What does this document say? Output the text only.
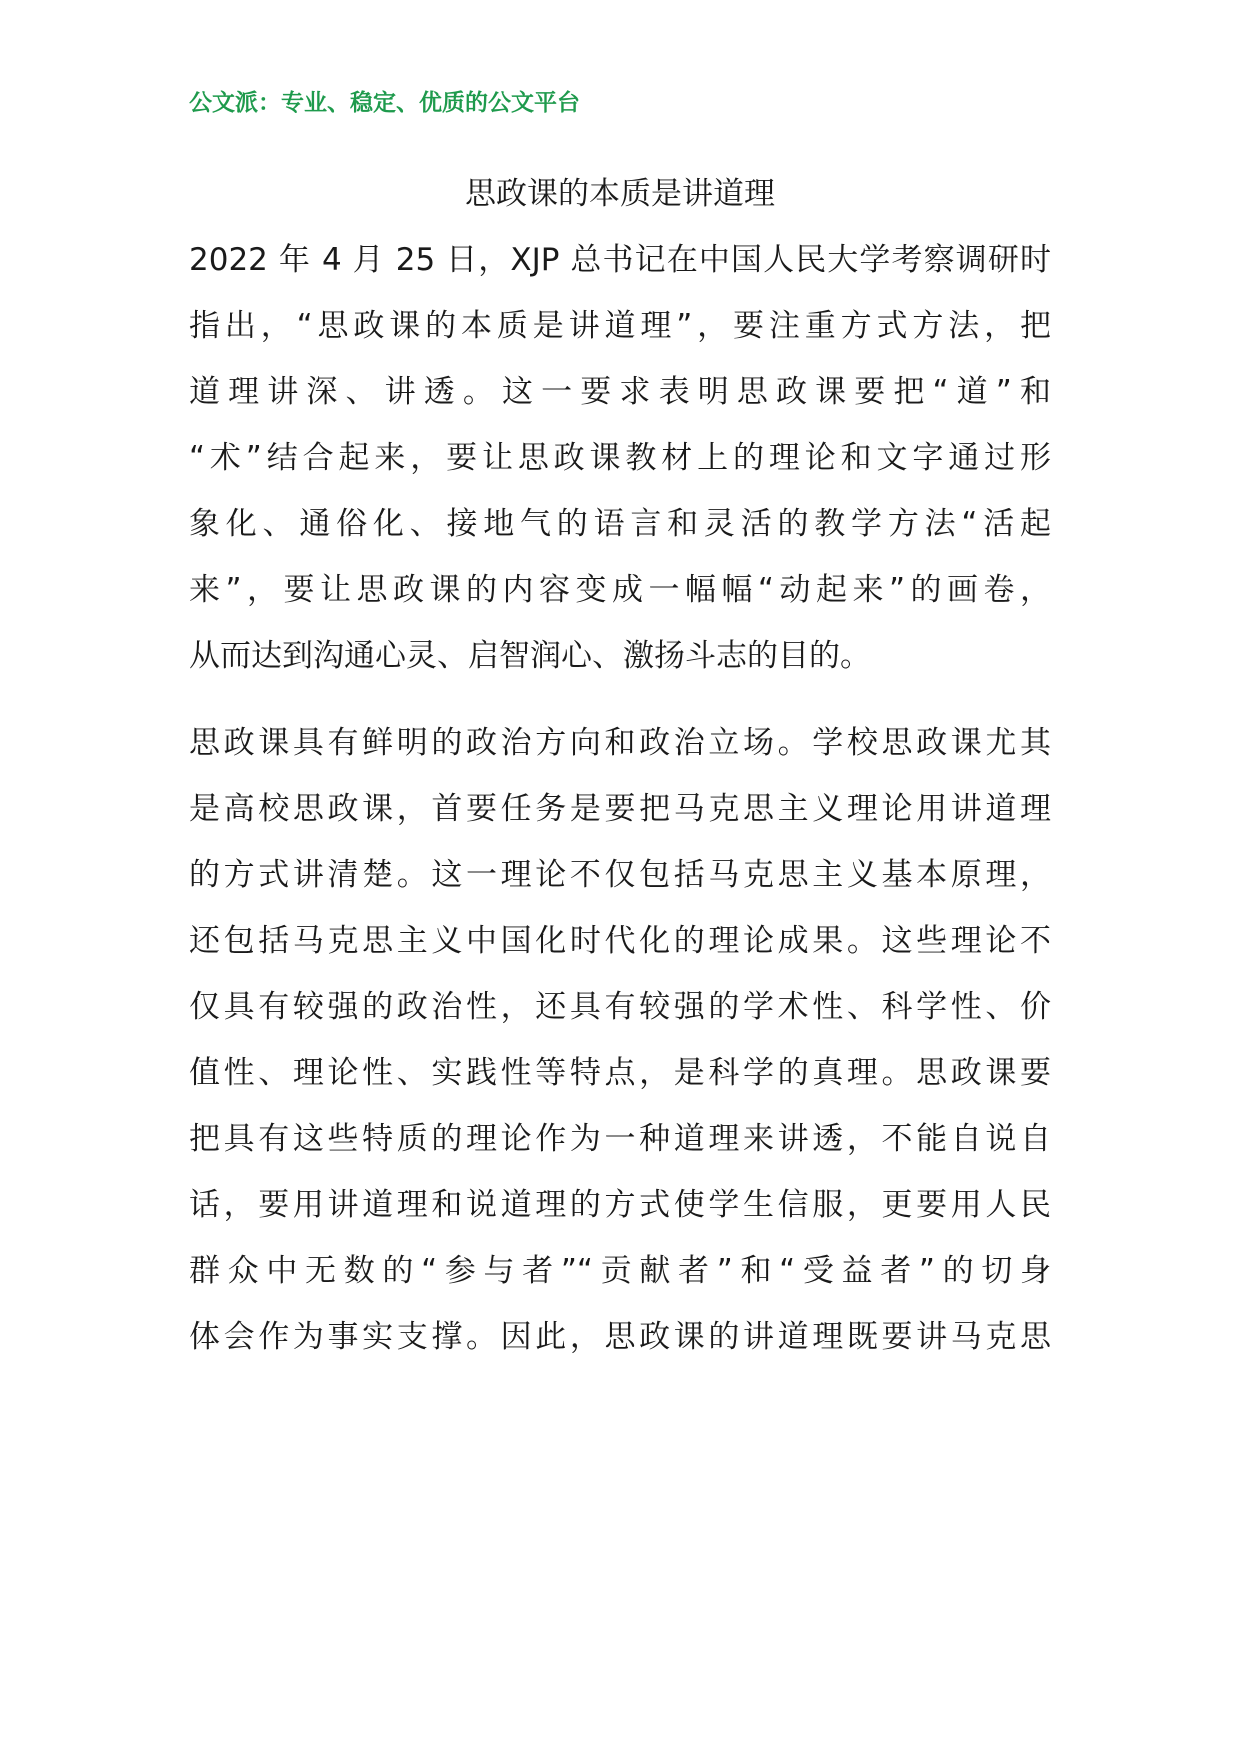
公文派：专业、稳定、优质的公文平台
思政课的本质是讲道理
2022 年 4 月 25 日，XJP 总书记在中国人民大学考察调研时
指出，“思政课的本质是讲道理”，要注重方式方法，把
道理讲深、讲透。这一要求表明思政课要把“道”和
“术”结合起来，要让思政课教材上的理论和文字通过形
象化、通俗化、接地气的语言和灵活的教学方法“活起
来”，要让思政课的内容变成一幅幅“动起来”的画卷，
从而达到沟通心灵、启智润心、激扬斗志的目的。
思政课具有鲜明的政治方向和政治立场。学校思政课尤其
是高校思政课，首要任务是要把马克思主义理论用讲道理
的方式讲清楚。这一理论不仅包括马克思主义基本原理，
还包括马克思主义中国化时代化的理论成果。这些理论不
仅具有较强的政治性，还具有较强的学术性、科学性、价
值性、理论性、实践性等特点，是科学的真理。思政课要
把具有这些特质的理论作为一种道理来讲透，不能自说自
话，要用讲道理和说道理的方式使学生信服，更要用人民
群众中无数的“参与者”“贡献者”和“受益者”的切身
体会作为事实支撑。因此，思政课的讲道理既要讲马克思
